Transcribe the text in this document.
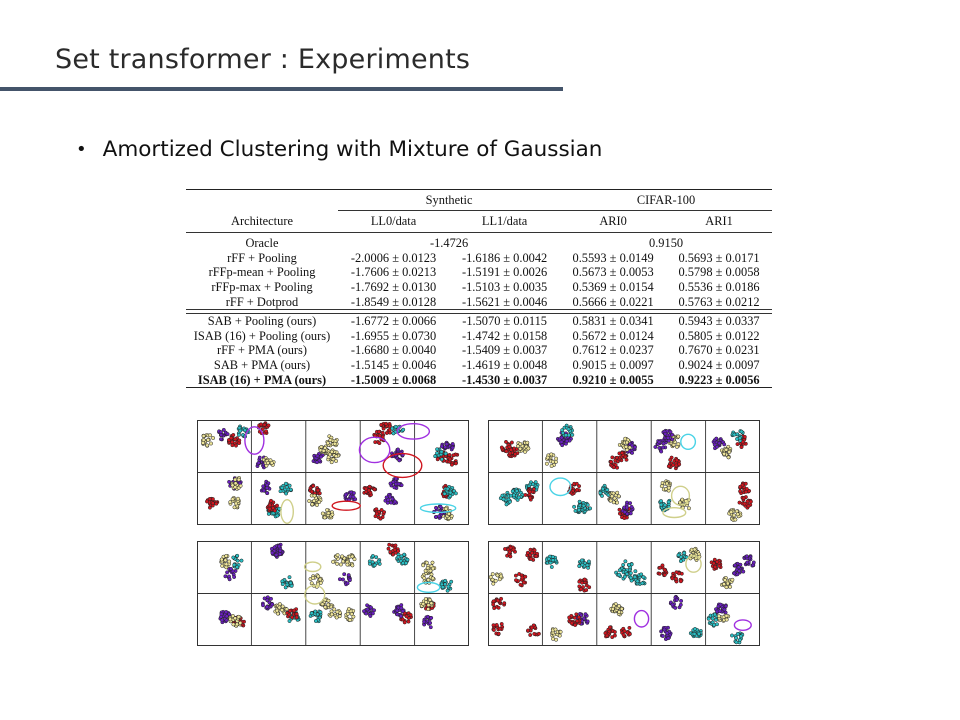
Set transformer : Experiments
• Amortized Clustering with Mixture of Gaussian

Architecture	Synthetic		CIFAR-100	
	LL0/data	LL1/data	ARI0	ARI1

Oracle	-1.4726		0.9150	
rFF + Pooling	-2.0006 ± 0.0123	-1.6186 ± 0.0042	0.5593 ± 0.0149	0.5693 ± 0.0171
rFFp-mean + Pooling	-1.7606 ± 0.0213	-1.5191 ± 0.0026	0.5673 ± 0.0053	0.5798 ± 0.0058
rFFp-max + Pooling	-1.7692 ± 0.0130	-1.5103 ± 0.0035	0.5369 ± 0.0154	0.5536 ± 0.0186
rFF + Dotprod	-1.8549 ± 0.0128	-1.5621 ± 0.0046	0.5666 ± 0.0221	0.5763 ± 0.0212

SAB + Pooling (ours)	-1.6772 ± 0.0066	-1.5070 ± 0.0115	0.5831 ± 0.0341	0.5943 ± 0.0337
ISAB (16) + Pooling (ours)	-1.6955 ± 0.0730	-1.4742 ± 0.0158	0.5672 ± 0.0124	0.5805 ± 0.0122
rFF + PMA (ours)	-1.6680 ± 0.0040	-1.5409 ± 0.0037	0.7612 ± 0.0237	0.7670 ± 0.0231
SAB + PMA (ours)	-1.5145 ± 0.0046	-1.4619 ± 0.0048	0.9015 ± 0.0097	0.9024 ± 0.0097
ISAB (16) + PMA (ours)	-1.5009 ± 0.0068	-1.4530 ± 0.0037	0.9210 ± 0.0055	0.9223 ± 0.0056
